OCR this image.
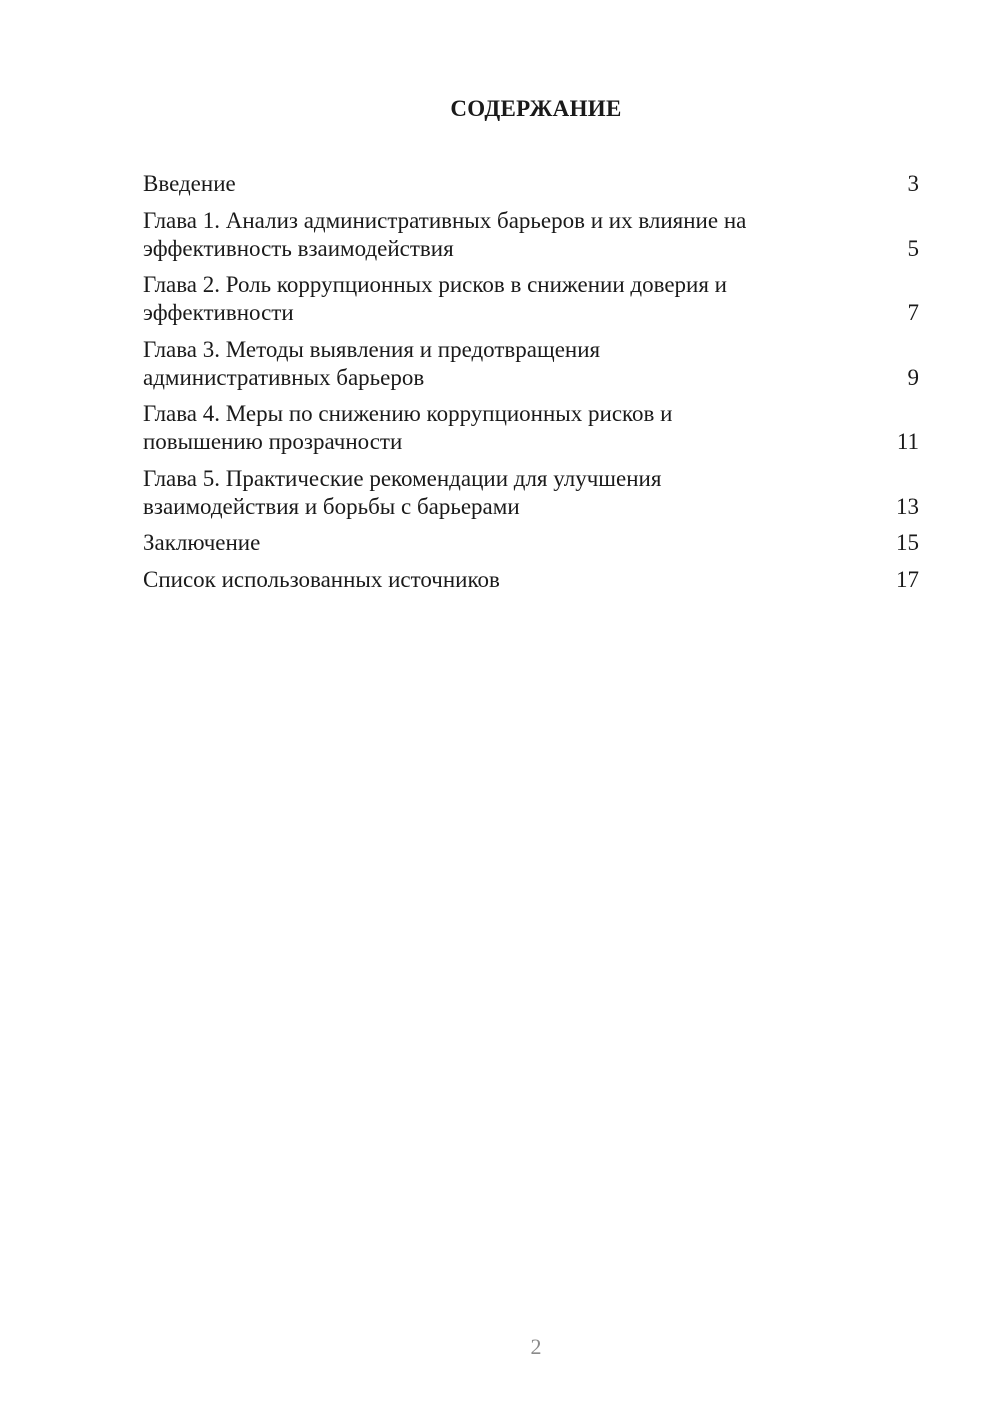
СОДЕРЖАНИЕ
Введение	3
Глава 1. Анализ административных барьеров и их влияние на
эффективность взаимодействия	5
Глава 2. Роль коррупционных рисков в снижении доверия и
эффективности	7
Глава 3. Методы выявления и предотвращения
административных барьеров	9
Глава 4. Меры по снижению коррупционных рисков и
повышению прозрачности	11
Глава 5. Практические рекомендации для улучшения
взаимодействия и борьбы с барьерами	13
Заключение	15
Список использованных источников	17
2
